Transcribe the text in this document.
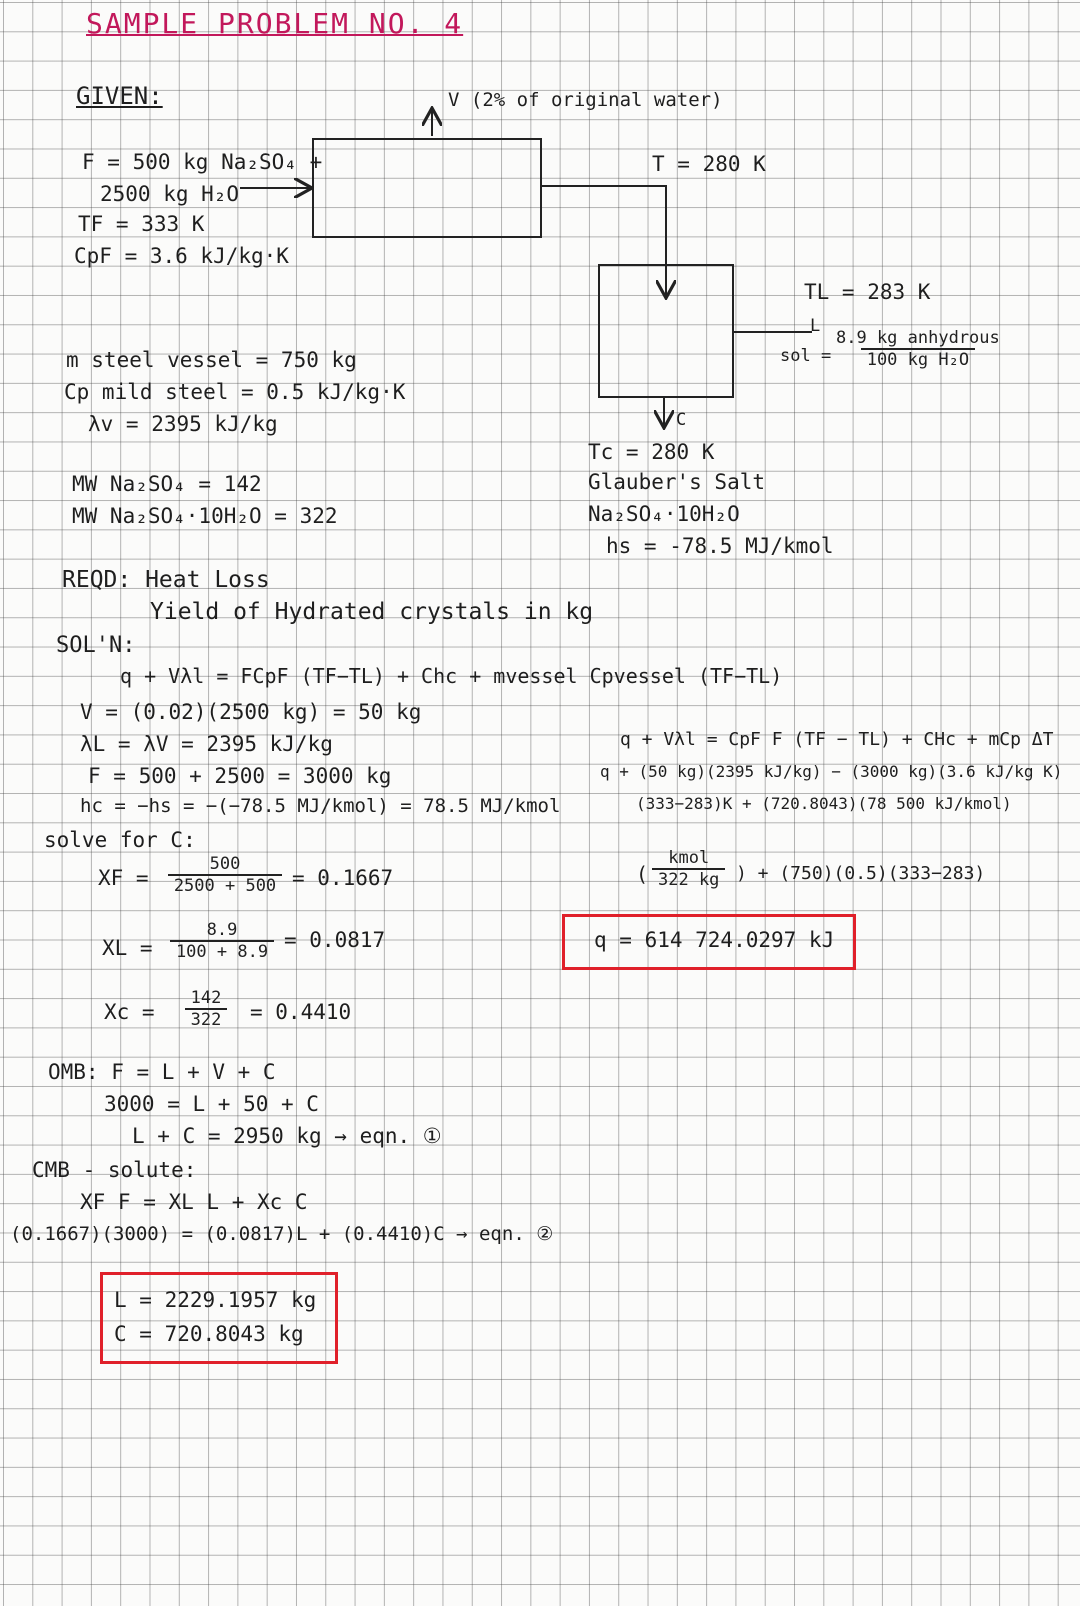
SAMPLE PROBLEM NO. 4
GIVEN:
F = 500 kg Na₂SO₄ +
2500 kg H₂O
TF = 333 K
CpF = 3.6 kJ/kg·K
V (2% of original water)
T = 280 K
TL = 283 K
L
sol =
8.9 kg anhydrous
100 kg H₂O
C
Tc = 280 K
Glauber's Salt
Na₂SO₄·10H₂O
hs = -78.5 MJ/kmol
m steel vessel = 750 kg
Cp mild steel = 0.5 kJ/kg·K
λv = 2395 kJ/kg
MW Na₂SO₄ = 142
MW Na₂SO₄·10H₂O = 322
REQD: Heat Loss
Yield of Hydrated crystals in kg
SOL'N:
q + Vλl = FCpF (TF−TL) + Chc + mvessel Cpvessel (TF−TL)
V = (0.02)(2500 kg) = 50 kg
λL = λV = 2395 kJ/kg
F = 500 + 2500 = 3000 kg
hc = −hs = −(−78.5 MJ/kmol) = 78.5 MJ/kmol
solve for C:
XF = $\frac{500}{2500 + 500} = 0.1667$
XL = $\frac{8.9}{100 + 8.9} = 0.0817$
$Xc = \frac{142}{322} = 0.4410$
q + Vλl = CpF F (TF − TL) + CHc + mCp ΔT
q + (50 kg)(2395 kJ/kg) − (3000 kg)(3.6 kJ/kg K)
(333−283)K + (720.8043)(78 500 kJ/kmol)
(
kmol
322 kg ) + (750)(0.5)(333−283)
q = 614 724.0297 kJ
OMB: F = L + V + C
3000 = L + 50 + C
L + C = 2950 kg → eqn. ①
CMB - solute:
XF F = XL L + Xc C
(0.1667)(3000) = (0.0817)L + (0.4410)C → eqn. ②
L = 2229.1957 kg
C = 720.8043 kg
